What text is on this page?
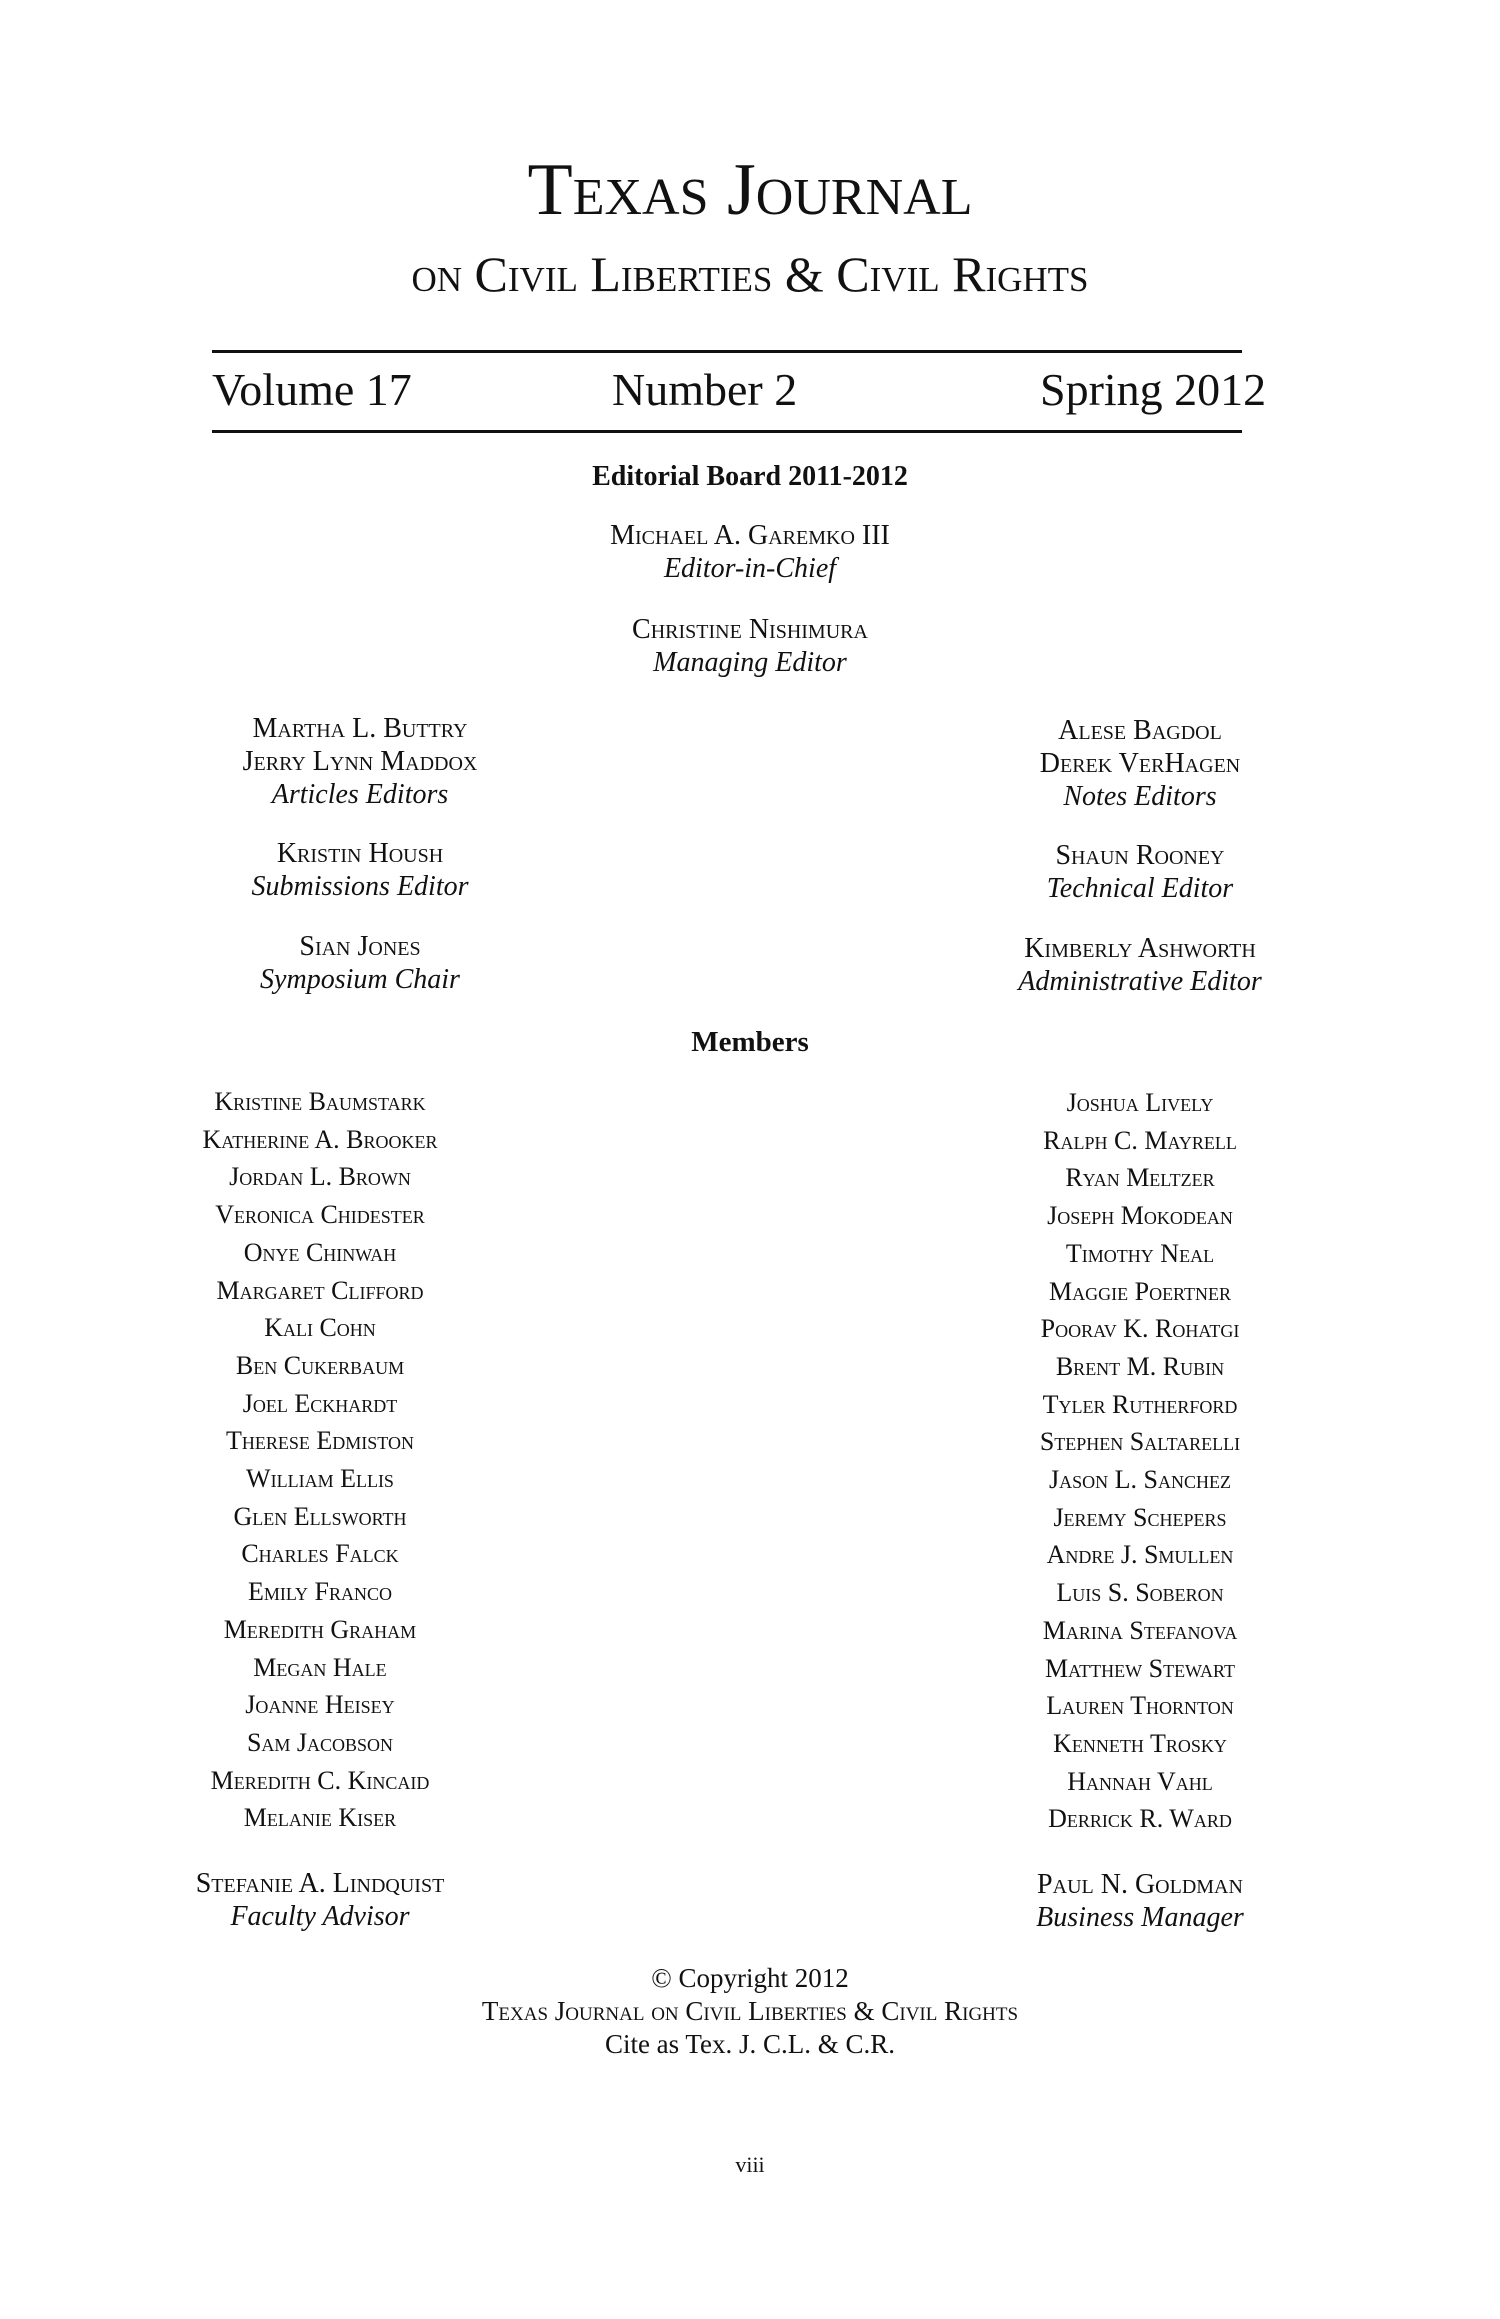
Texas Journal
on Civil Liberties & Civil Rights
Volume 17	Number 2	Spring 2012
Editorial Board 2011-2012
Michael A. Garemko III
Editor-in-Chief
Christine Nishimura
Managing Editor
Martha L. Buttry
Jerry Lynn Maddox
Articles Editors
Kristin Housh
Submissions Editor
Sian Jones
Symposium Chair
Alese Bagdol
Derek VerHagen
Notes Editors
Shaun Rooney
Technical Editor
Kimberly Ashworth
Administrative Editor
Members
Kristine Baumstark
Katherine A. Brooker
Jordan L. Brown
Veronica Chidester
Onye Chinwah
Margaret Clifford
Kali Cohn
Ben Cukerbaum
Joel Eckhardt
Therese Edmiston
William Ellis
Glen Ellsworth
Charles Falck
Emily Franco
Meredith Graham
Megan Hale
Joanne Heisey
Sam Jacobson
Meredith C. Kincaid
Melanie Kiser
Joshua Lively
Ralph C. Mayrell
Ryan Meltzer
Joseph Mokodean
Timothy Neal
Maggie Poertner
Poorav K. Rohatgi
Brent M. Rubin
Tyler Rutherford
Stephen Saltarelli
Jason L. Sanchez
Jeremy Schepers
Andre J. Smullen
Luis S. Soberon
Marina Stefanova
Matthew Stewart
Lauren Thornton
Kenneth Trosky
Hannah Vahl
Derrick R. Ward
Stefanie A. Lindquist
Faculty Advisor
Paul N. Goldman
Business Manager
© Copyright 2012
Texas Journal on Civil Liberties & Civil Rights
Cite as Tex. J. C.L. & C.R.
viii
